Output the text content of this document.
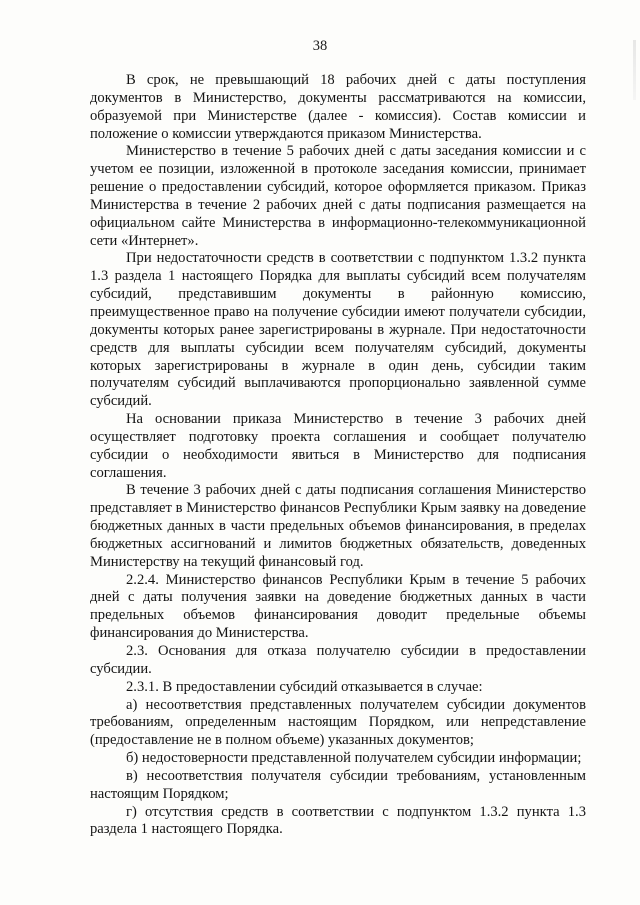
38

В срок, не превышающий 18 рабочих дней с даты поступления документов в Министерство, документы рассматриваются на комиссии, образуемой при Министерстве (далее - комиссия). Состав комиссии и положение о комиссии утверждаются приказом Министерства.

Министерство в течение 5 рабочих дней с даты заседания комиссии и с учетом ее позиции, изложенной в протоколе заседания комиссии, принимает решение о предоставлении субсидий, которое оформляется приказом. Приказ Министерства в течение 2 рабочих дней с даты подписания размещается на официальном сайте Министерства в информационно-телекоммуникационной сети «Интернет».

При недостаточности средств в соответствии с подпунктом 1.3.2 пункта 1.3 раздела 1 настоящего Порядка для выплаты субсидий всем получателям субсидий, представившим документы в районную комиссию, преимущественное право на получение субсидии имеют получатели субсидии, документы которых ранее зарегистрированы в журнале. При недостаточности средств для выплаты субсидии всем получателям субсидий, документы которых зарегистрированы в журнале в один день, субсидии таким получателям субсидий выплачиваются пропорционально заявленной сумме субсидий.

На основании приказа Министерство в течение 3 рабочих дней осуществляет подготовку проекта соглашения и сообщает получателю субсидии о необходимости явиться в Министерство для подписания соглашения.

В течение 3 рабочих дней с даты подписания соглашения Министерство представляет в Министерство финансов Республики Крым заявку на доведение бюджетных данных в части предельных объемов финансирования, в пределах бюджетных ассигнований и лимитов бюджетных обязательств, доведенных Министерству на текущий финансовый год.

2.2.4. Министерство финансов Республики Крым в течение 5 рабочих дней с даты получения заявки на доведение бюджетных данных в части предельных объемов финансирования доводит предельные объемы финансирования до Министерства.

2.3. Основания для отказа получателю субсидии в предоставлении субсидии.

2.3.1. В предоставлении субсидий отказывается в случае:

а) несоответствия представленных получателем субсидии документов требованиям, определенным настоящим Порядком, или непредставление (предоставление не в полном объеме) указанных документов;

б) недостоверности представленной получателем субсидии информации;

в) несоответствия получателя субсидии требованиям, установленным настоящим Порядком;

г) отсутствия средств в соответствии с подпунктом 1.3.2 пункта 1.3 раздела 1 настоящего Порядка.
